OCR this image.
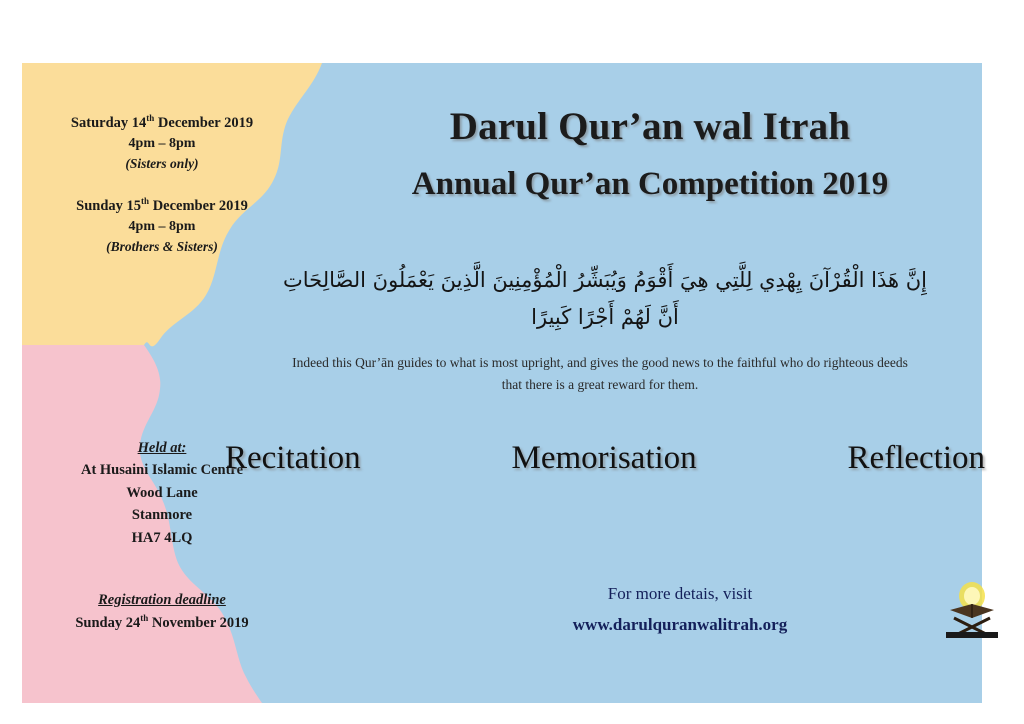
Saturday 14th December 2019
4pm – 8pm
(Sisters only)
Sunday 15th December 2019
4pm – 8pm
(Brothers & Sisters)
Held at:
At Husaini Islamic Centre
Wood Lane
Stanmore
HA7 4LQ
Registration deadline
Sunday 24th November 2019
Darul Qur’an wal Itrah
Annual Qur’an Competition 2019
إِنَّ هَذَا الْقُرْآنَ يِهْدِي لِلَّتِي هِيَ أَقْوَمُ وَيُبَشِّرُ الْمُؤْمِنِينَ الَّذِينَ يَعْمَلُونَ الصَّالِحَاتِ
أَنَّ لَهُمْ أَجْرًا كَبِيرًا
Indeed this Qur’ān guides to what is most upright, and gives the good news to the faithful who do righteous deeds
that there is a great reward for them.
Recitation	Memorisation	Reflection
For more detais, visit
www.darulquranwalitrah.org
